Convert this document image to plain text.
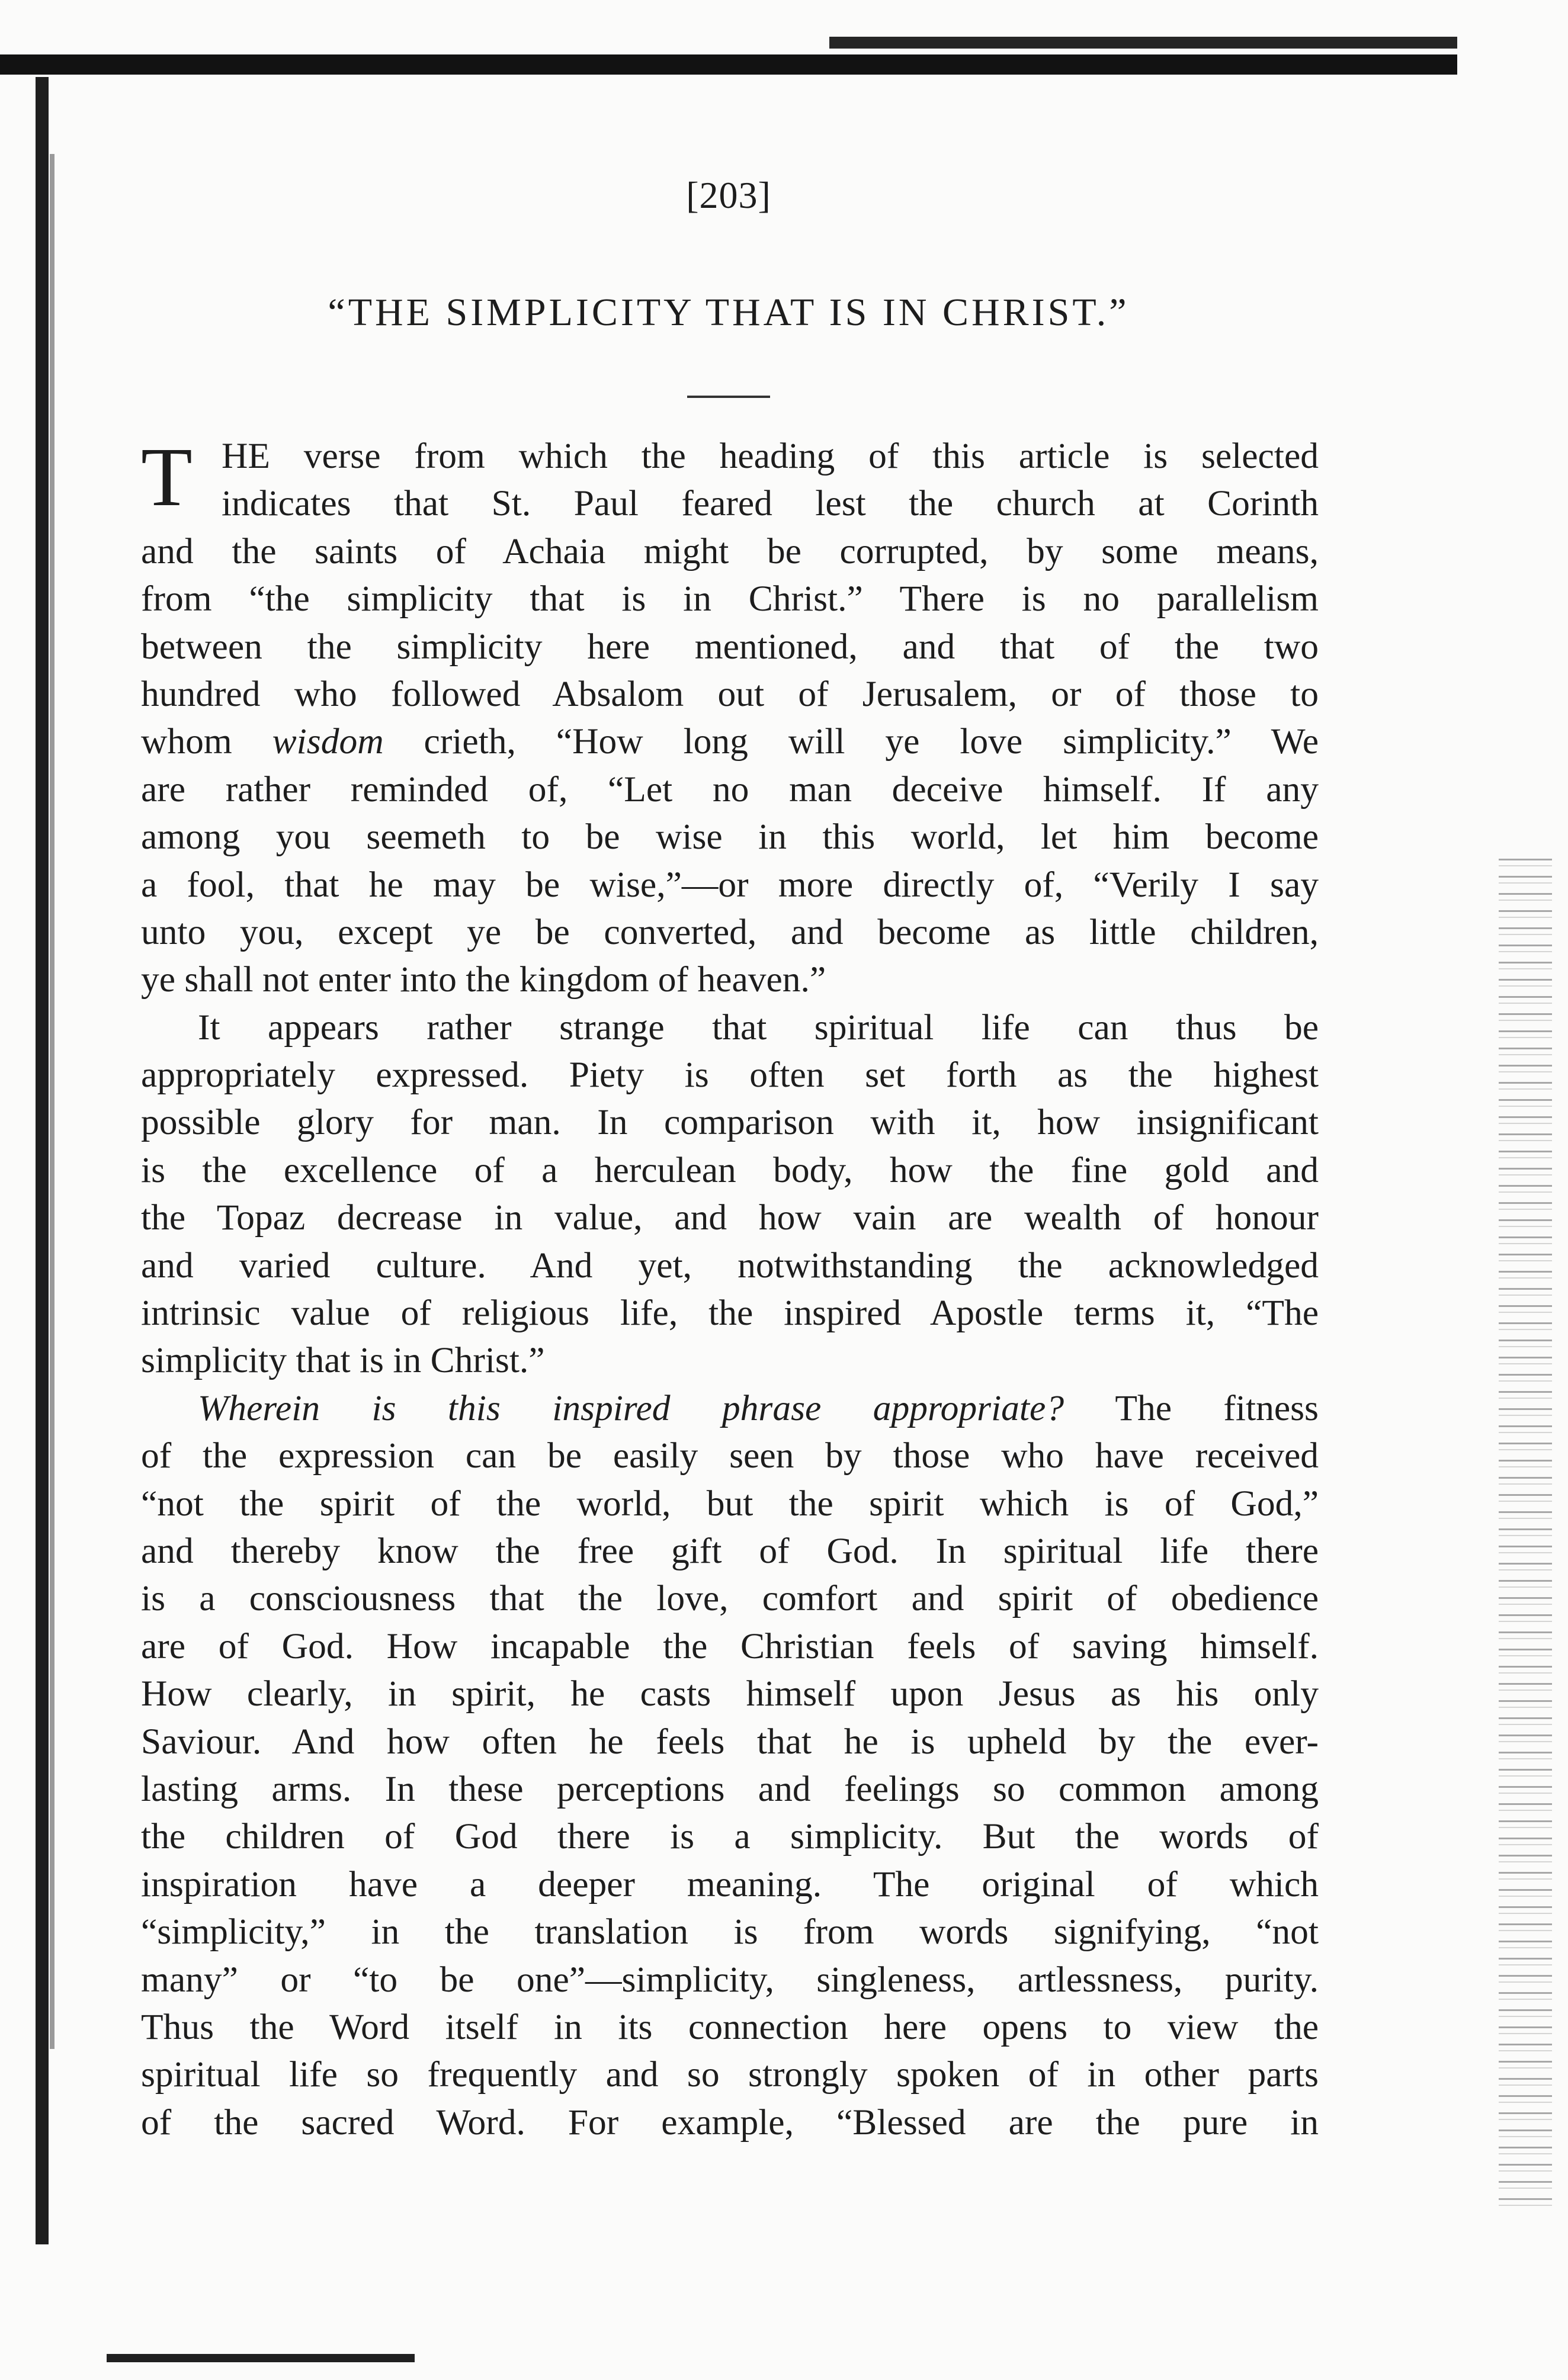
[203]
“THE SIMPLICITY THAT IS IN CHRIST.”
T HE verse from which the heading of this article is selected
indicates that St. Paul feared lest the church at Corinth
and the saints of Achaia might be corrupted, by some means,
from “the simplicity that is in Christ.” There is no parallelism
between the simplicity here mentioned, and that of the two
hundred who followed Absalom out of Jerusalem, or of those to
whom wisdom crieth, “How long will ye love simplicity.” We
are rather reminded of, “Let no man deceive himself. If any
among you seemeth to be wise in this world, let him become
a fool, that he may be wise,”—or more directly of, “Verily I say
unto you, except ye be converted, and become as little children,
ye shall not enter into the kingdom of heaven.”
It appears rather strange that spiritual life can thus be
appropriately expressed. Piety is often set forth as the highest
possible glory for man. In comparison with it, how insignificant
is the excellence of a herculean body, how the fine gold and
the Topaz decrease in value, and how vain are wealth of honour
and varied culture. And yet, notwithstanding the acknowledged
intrinsic value of religious life, the inspired Apostle terms it, “The
simplicity that is in Christ.”
Wherein is this inspired phrase appropriate? The fitness
of the expression can be easily seen by those who have received
“not the spirit of the world, but the spirit which is of God,”
and thereby know the free gift of God. In spiritual life there
is a consciousness that the love, comfort and spirit of obedience
are of God. How incapable the Christian feels of saving himself.
How clearly, in spirit, he casts himself upon Jesus as his only
Saviour. And how often he feels that he is upheld by the ever-
lasting arms. In these perceptions and feelings so common among
the children of God there is a simplicity. But the words of
inspiration have a deeper meaning. The original of which
“simplicity,” in the translation is from words signifying, “not
many” or “to be one”—simplicity, singleness, artlessness, purity.
Thus the Word itself in its connection here opens to view the
spiritual life so frequently and so strongly spoken of in other parts
of the sacred Word. For example, “Blessed are the pure in
